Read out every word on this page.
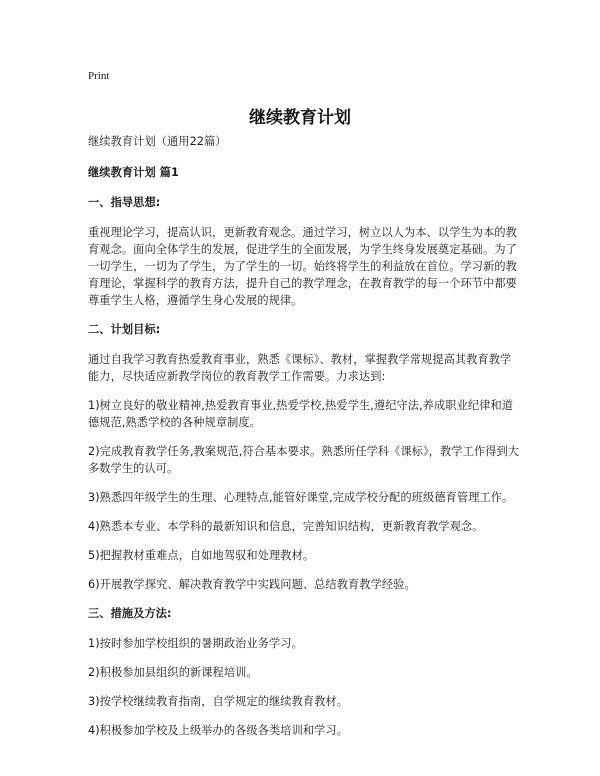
Print
继续教育计划

继续教育计划（通用22篇）

继续教育计划 篇1

一、指导思想:

重视理论学习，提高认识，更新教育观念。通过学习，树立以人为本、以学生为本的教育观念。面向全体学生的发展，促进学生的全面发展，为学生终身发展奠定基础。为了一切学生，一切为了学生，为了学生的一切。始终将学生的利益放在首位。学习新的教育理论，掌握科学的教育方法，提升自己的教学理念，在教育教学的每一个环节中都要尊重学生人格，遵循学生身心发展的规律。

二、计划目标:

通过自我学习教育热爱教育事业，熟悉《课标》、教材，掌握教学常规提高其教育教学能力，尽快适应新教学岗位的教育教学工作需要。力求达到:

1)树立良好的敬业精神,热爱教育事业,热爱学校,热爱学生,遵纪守法,养成职业纪律和道德规范,熟悉学校的各种规章制度。

2)完成教育教学任务,教案规范,符合基本要求。熟悉所任学科《课标》，教学工作得到大多数学生的认可。

3)熟悉四年级学生的生理、心理特点,能管好课堂,完成学校分配的班级德育管理工作。

4)熟悉本专业、本学科的最新知识和信息，完善知识结构，更新教育教学观念。

5)把握教材重难点，自如地驾驭和处理教材。

6)开展教学探究、解决教育教学中实践问题、总结教育教学经验。

三、措施及方法:

1)按时参加学校组织的暑期政治业务学习。

2)积极参加县组织的新课程培训。

3)按学校继续教育指南，自学规定的继续教育教材。

4)积极参加学校及上级举办的各级各类培训和学习。
